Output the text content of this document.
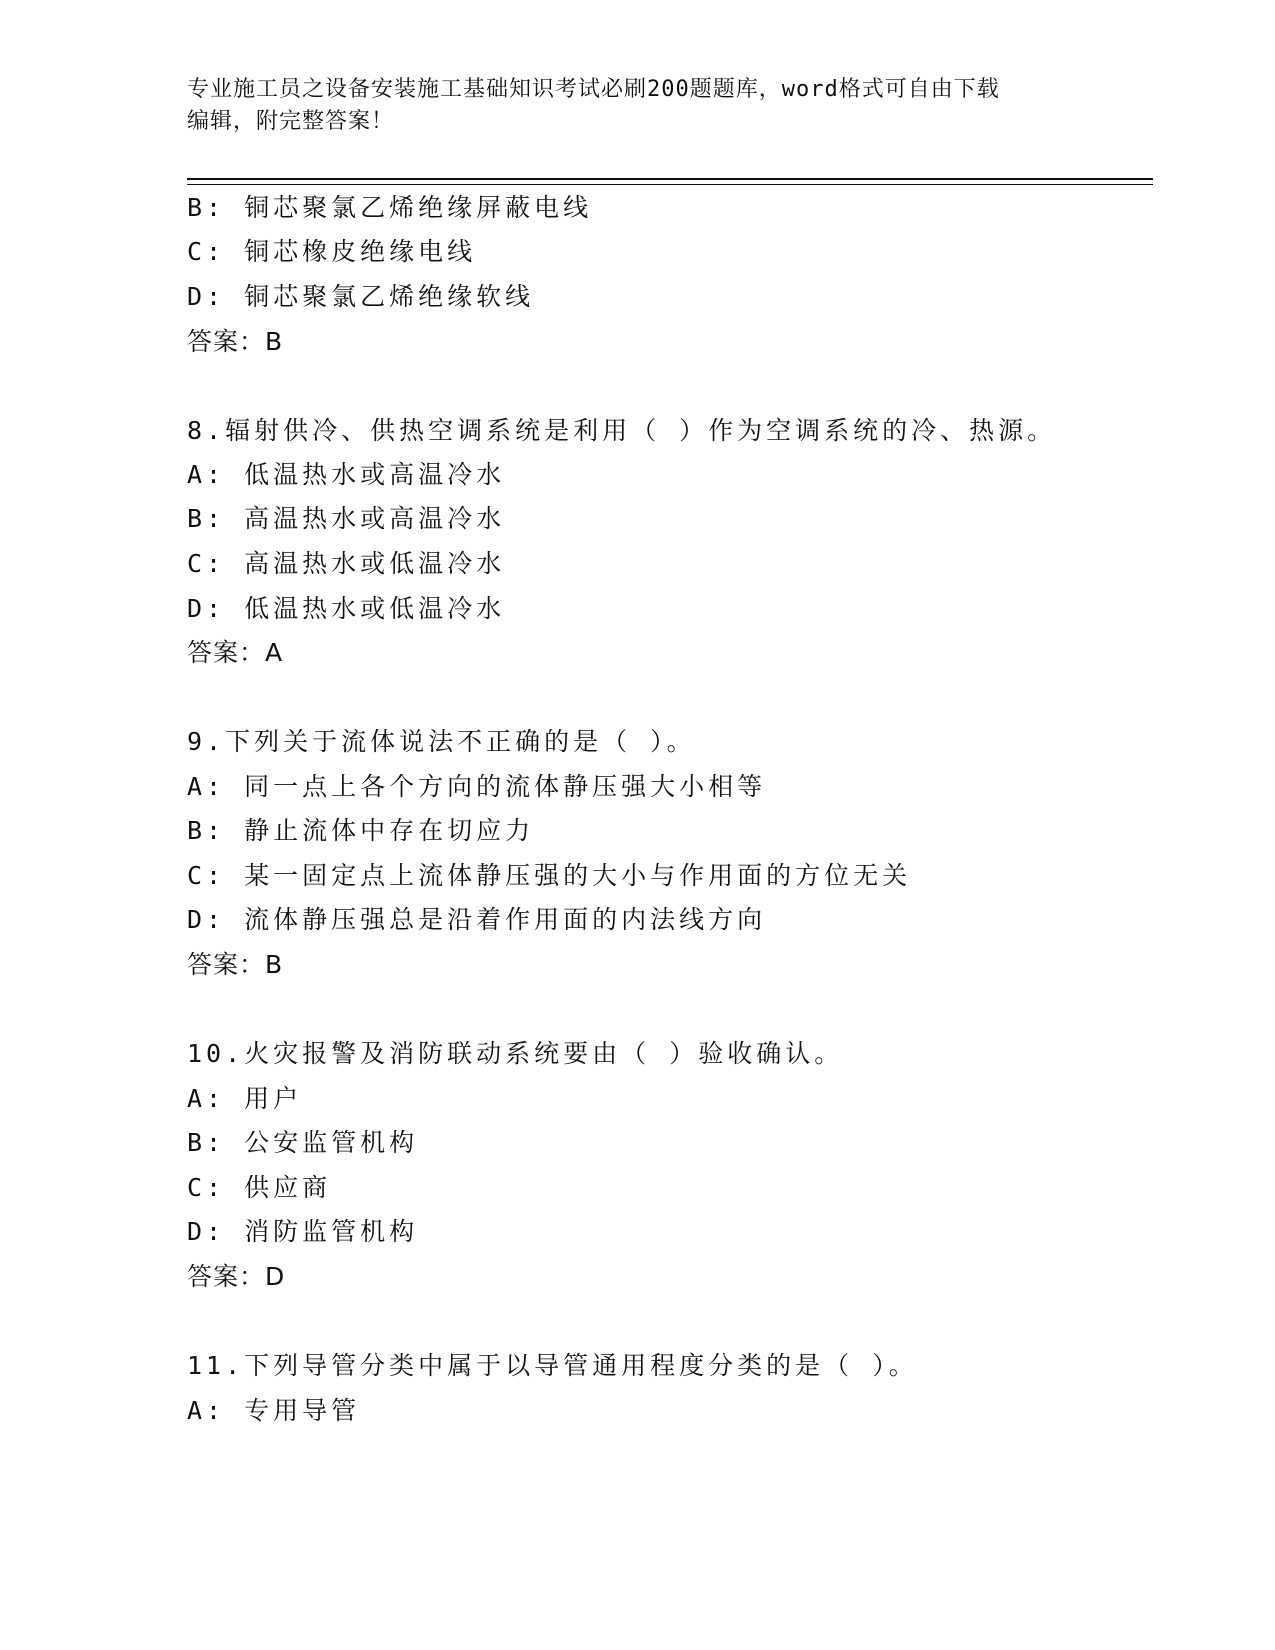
专业施工员之设备安装施工基础知识考试必刷200题题库，word格式可自由下载
编辑，附完整答案！
B: 铜芯聚氯乙烯绝缘屏蔽电线
C: 铜芯橡皮绝缘电线
D: 铜芯聚氯乙烯绝缘软线
答案：B
8.辐射供冷、供热空调系统是利用（ ）作为空调系统的冷、热源。
A: 低温热水或高温冷水
B: 高温热水或高温冷水
C: 高温热水或低温冷水
D: 低温热水或低温冷水
答案：A
9.下列关于流体说法不正确的是（ ）。
A: 同一点上各个方向的流体静压强大小相等
B: 静止流体中存在切应力
C: 某一固定点上流体静压强的大小与作用面的方位无关
D: 流体静压强总是沿着作用面的内法线方向
答案：B
10.火灾报警及消防联动系统要由（ ）验收确认。
A: 用户
B: 公安监管机构
C: 供应商
D: 消防监管机构
答案：D
11.下列导管分类中属于以导管通用程度分类的是（ ）。
A: 专用导管
